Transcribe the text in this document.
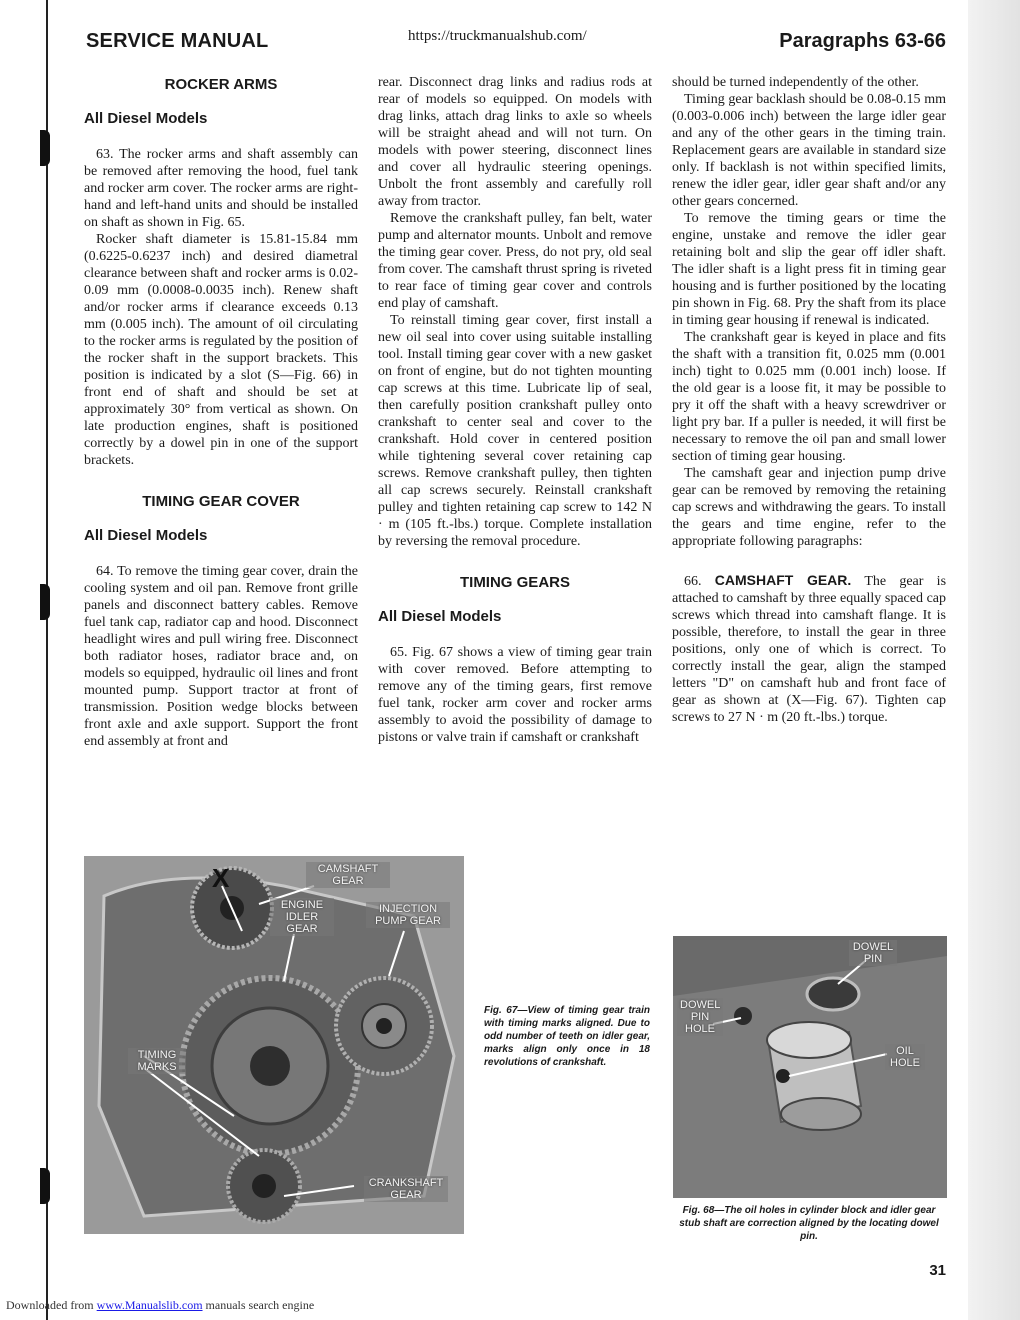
SERVICE MANUAL	https://truckmanualshub.com/	Paragraphs 63-66
ROCKER ARMS
All Diesel Models

63. The rocker arms and shaft assembly can be removed after removing the hood, fuel tank and rocker arm cover. The rocker arms are right-hand and left-hand units and should be installed on shaft as shown in Fig. 65.

Rocker shaft diameter is 15.81-15.84 mm (0.6225-0.6237 inch) and desired diametral clearance between shaft and rocker arms is 0.02-0.09 mm (0.0008-0.0035 inch). Renew shaft and/or rocker arms if clearance exceeds 0.13 mm (0.005 inch). The amount of oil circulating to the rocker arms is regulated by the position of the rocker shaft in the support brackets. This position is indicated by a slot (S—Fig. 66) in front end of shaft and should be set at approximately 30° from vertical as shown. On late production engines, shaft is positioned correctly by a dowel pin in one of the support brackets.

TIMING GEAR COVER
All Diesel Models

64. To remove the timing gear cover, drain the cooling system and oil pan. Remove front grille panels and disconnect battery cables. Remove fuel tank cap, radiator cap and hood. Disconnect headlight wires and pull wiring free. Disconnect both radiator hoses, radiator brace and, on models so equipped, hydraulic oil lines and front mounted pump. Support tractor at front of transmission. Position wedge blocks between front axle and axle support. Support the front end assembly at front and

rear. Disconnect drag links and radius rods at rear of models so equipped. On models with drag links, attach drag links to axle so wheels will be straight ahead and will not turn. On models with power steering, disconnect lines and cover all hydraulic steering openings. Unbolt the front assembly and carefully roll away from tractor.

Remove the crankshaft pulley, fan belt, water pump and alternator mounts. Unbolt and remove the timing gear cover. Press, do not pry, old seal from cover. The camshaft thrust spring is riveted to rear face of timing gear cover and controls end play of camshaft.

To reinstall timing gear cover, first install a new oil seal into cover using suitable installing tool. Install timing gear cover with a new gasket on front of engine, but do not tighten mounting cap screws at this time. Lubricate lip of seal, then carefully position crankshaft pulley onto crankshaft to center seal and cover to the crankshaft. Hold cover in centered position while tightening several cover retaining cap screws. Remove crankshaft pulley, then tighten all cap screws securely. Reinstall crankshaft pulley and tighten retaining cap screw to 142 N · m (105 ft.-lbs.) torque. Complete installation by reversing the removal procedure.

TIMING GEARS
All Diesel Models

65. Fig. 67 shows a view of timing gear train with cover removed. Before attempting to remove any of the timing gears, first remove fuel tank, rocker arm cover and rocker arms assembly to avoid the possibility of damage to pistons or valve train if camshaft or crankshaft

should be turned independently of the other.

Timing gear backlash should be 0.08-0.15 mm (0.003-0.006 inch) between the large idler gear and any of the other gears in the timing train. Replacement gears are available in standard size only. If backlash is not within specified limits, renew the idler gear, idler gear shaft and/or any other gears concerned.

To remove the timing gears or time the engine, unstake and remove the idler gear retaining bolt and slip the gear off idler shaft. The idler shaft is a light press fit in timing gear housing and is further positioned by the locating pin shown in Fig. 68. Pry the shaft from its place in timing gear housing if renewal is indicated.

The crankshaft gear is keyed in place and fits the shaft with a transition fit, 0.025 mm (0.001 inch) tight to 0.025 mm (0.001 inch) loose. If the old gear is a loose fit, it may be possible to pry it off the shaft with a heavy screwdriver or light pry bar. If a puller is needed, it will first be necessary to remove the oil pan and small lower section of timing gear housing.

The camshaft gear and injection pump drive gear can be removed by removing the retaining cap screws and withdrawing the gears. To install the gears and time engine, refer to the appropriate following paragraphs:

66. CAMSHAFT GEAR. The gear is attached to camshaft by three equally spaced cap screws which thread into camshaft flange. It is possible, therefore, to install the gear in three positions, only one of which is correct. To correctly install the gear, align the stamped letters "D" on camshaft hub and front face of gear as shown at (X—Fig. 67). Tighten cap screws to 27 N · m (20 ft.-lbs.) torque.

X	CAMSHAFT GEAR
ENGINE IDLER GEAR
INJECTION PUMP GEAR
TIMING MARKS
CRANKSHAFT GEAR
Fig. 67—View of timing gear train with timing marks aligned. Due to odd number of teeth on idler gear, marks align only once in 18 revolutions of crankshaft.
DOWEL PIN
DOWEL PIN HOLE
OIL HOLE
Fig. 68—The oil holes in cylinder block and idler gear stub shaft are correction aligned by the locating dowel pin.
31
Downloaded from www.Manualslib.com manuals search engine
